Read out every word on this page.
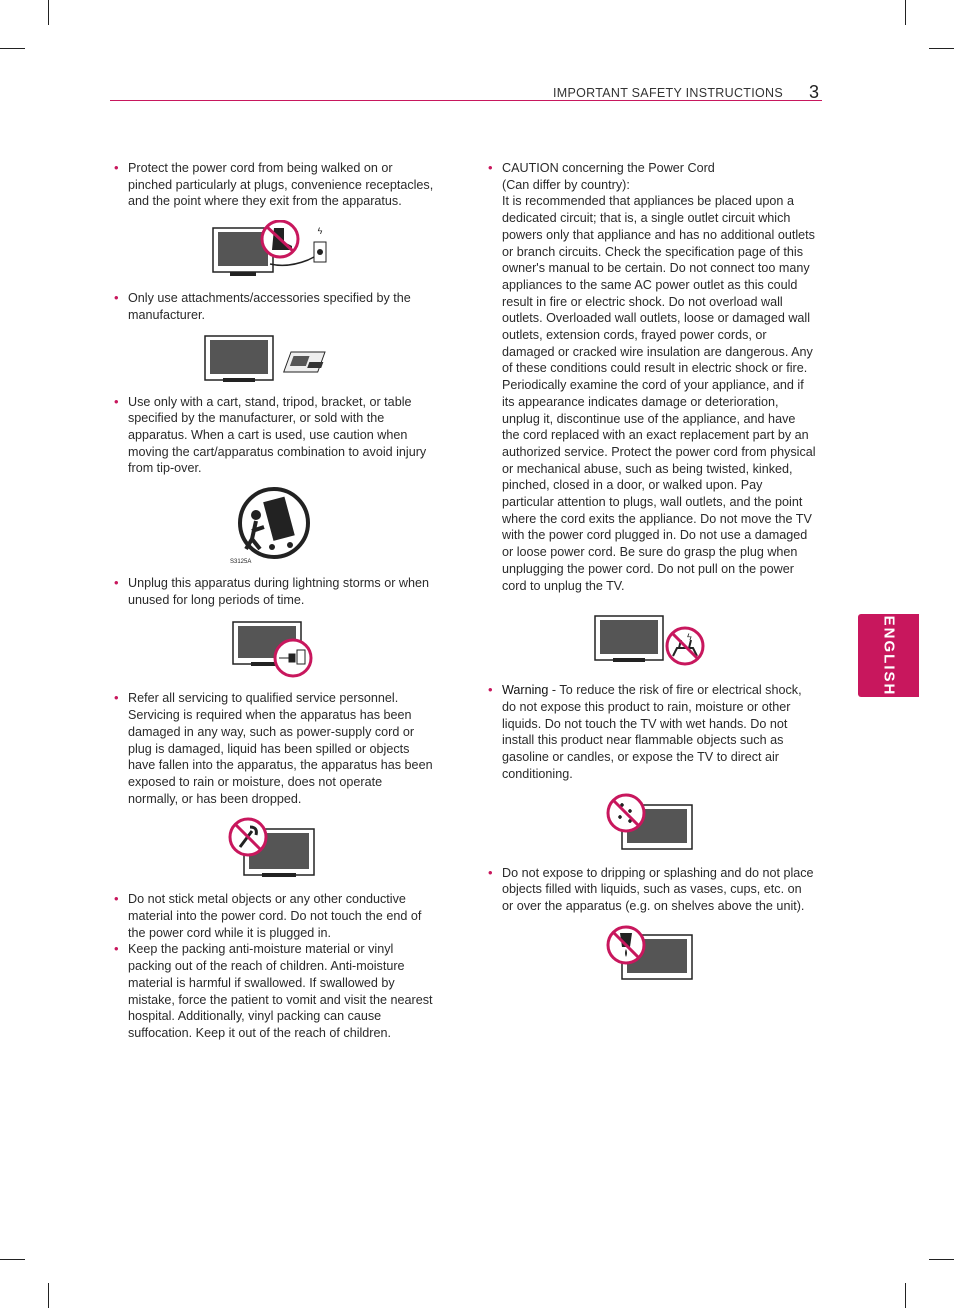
IMPORTANT SAFETY INSTRUCTIONS 3
ENGLISH
• Protect the power cord from being walked on or pinched particularly at plugs, convenience receptacles, and the point where they exit from the apparatus.

ϟ
• Only use attachments/accessories specified by the manufacturer.

• Use only with a cart, stand, tripod, bracket, or table specified by the manufacturer, or sold with the apparatus. When a cart is used, use caution when moving the cart/apparatus combination to avoid injury from tip-over.

S3125A
• Unplug this apparatus during lightning storms or when unused for long periods of time.

• Refer all servicing to qualified service personnel. Servicing is required when the apparatus has been damaged in any way, such as power-supply cord or plug is damaged, liquid has been spilled or objects have fallen into the apparatus, the apparatus has been exposed to rain or moisture, does not operate normally, or has been dropped.

• Do not stick metal objects or any other conductive material into the power cord. Do not touch the end of the power cord while it is plugged in.

• Keep the packing anti-moisture material or vinyl packing out of the reach of children. Anti-moisture material is harmful if swallowed. If swallowed by mistake, force the patient to vomit and visit the nearest hospital. Additionally, vinyl packing can cause suffocation. Keep it out of the reach of children.

• CAUTION concerning the Power Cord

(Can differ by country):

It is recommended that appliances be placed upon a dedicated circuit; that is, a single outlet circuit which powers only that appliance and has no additional outlets or branch circuits. Check the specification page of this owner's manual to be certain. Do not connect too many appliances to the same AC power outlet as this could result in fire or electric shock. Do not overload wall outlets. Overloaded wall outlets, loose or damaged wall outlets, extension cords, frayed power cords, or damaged or cracked wire insulation are dangerous. Any of these conditions could result in electric shock or fire. Periodically examine the cord of your appliance, and if its appearance indicates damage or deterioration, unplug it, discontinue use of the appliance, and have the cord replaced with an exact replacement part by an authorized service. Protect the power cord from physical or mechanical abuse, such as being twisted, kinked, pinched, closed in a door, or walked upon. Pay particular attention to plugs, wall outlets, and the point where the cord exits the appliance. Do not move the TV with the power cord plugged in. Do not use a damaged or loose power cord. Be sure do grasp the plug when unplugging the power cord. Do not pull on the power cord to unplug the TV.

ϟ
• Warning - To reduce the risk of fire or electrical shock, do not expose this product to rain, moisture or other liquids. Do not touch the TV with wet hands. Do not install this product near flammable objects such as gasoline or candles, or expose the TV to direct air conditioning.

• Do not expose to dripping or splashing and do not place objects filled with liquids, such as vases, cups, etc. on or over the apparatus (e.g. on shelves above the unit).
